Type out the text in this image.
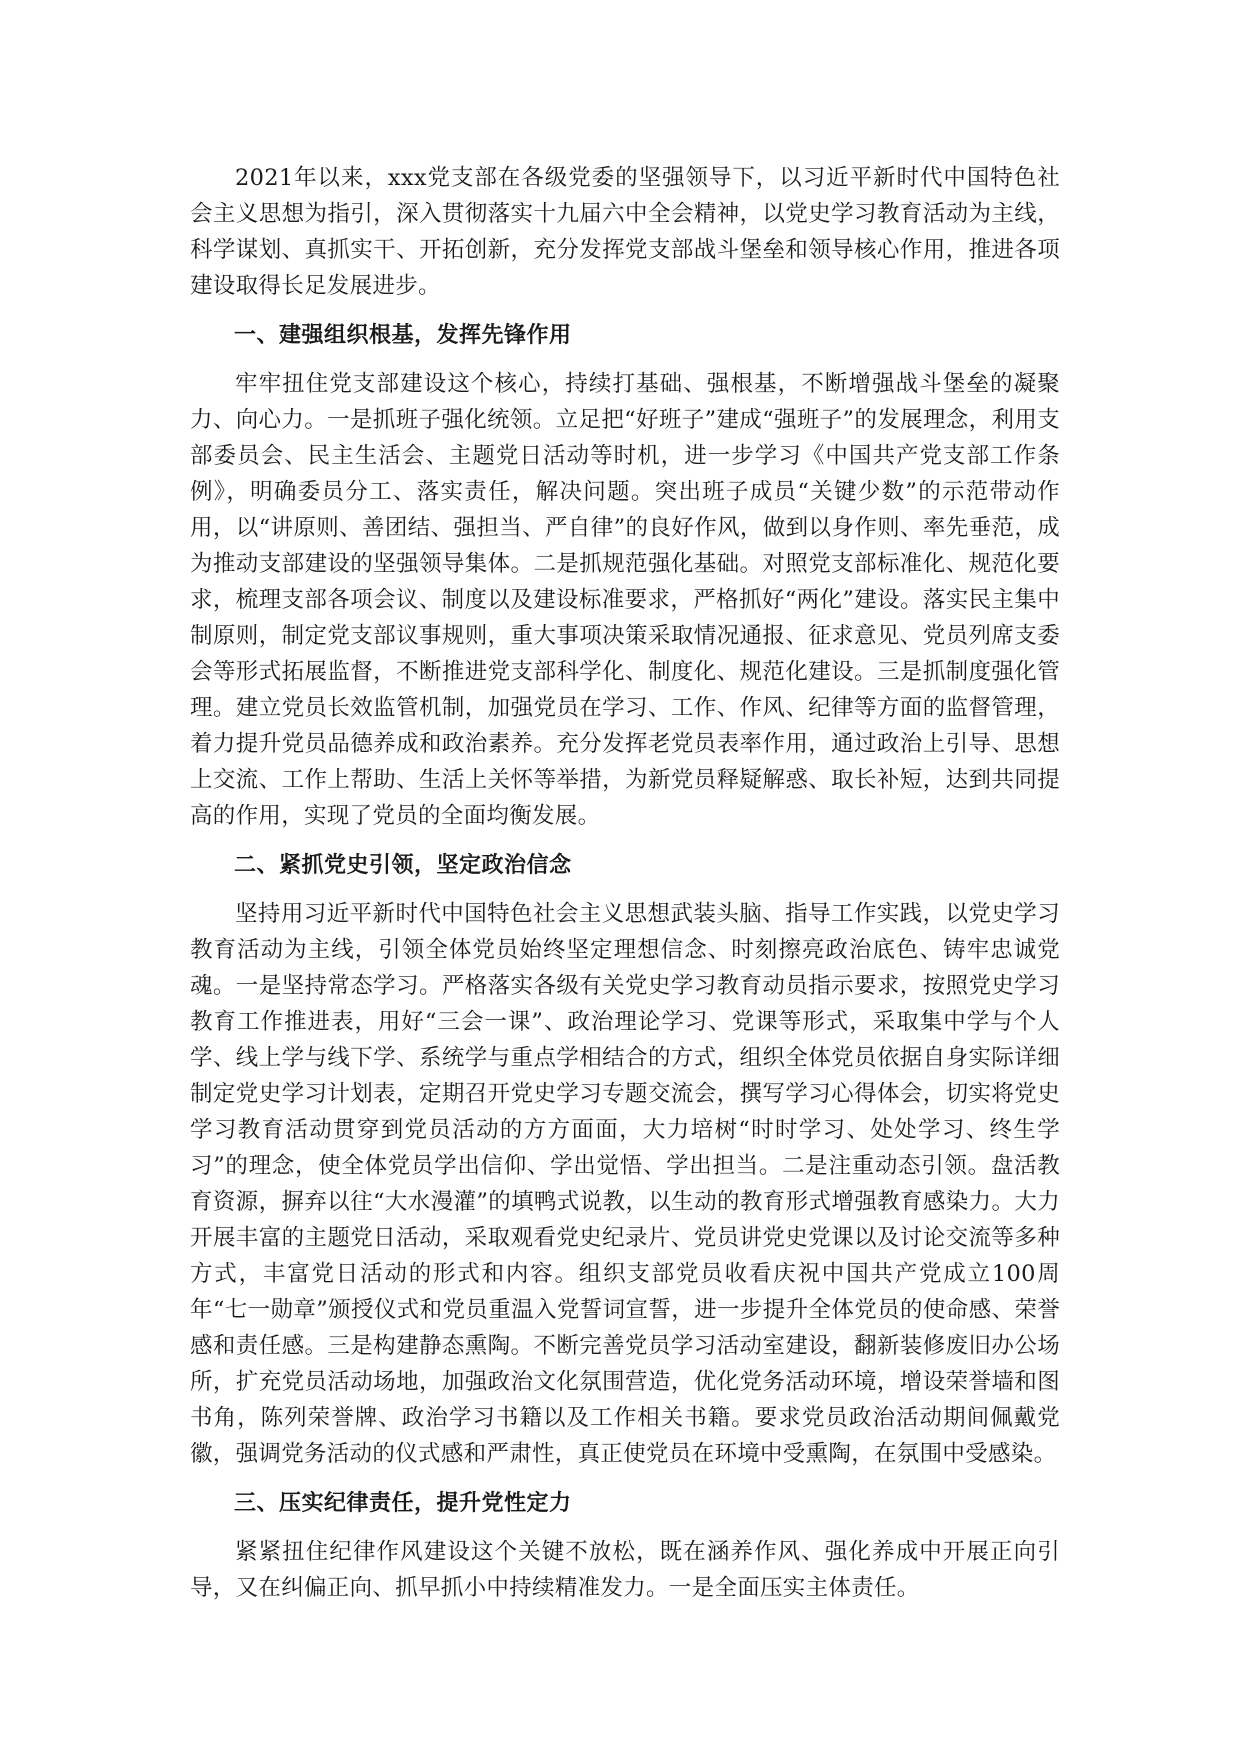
2021年以来，xxx党支部在各级党委的坚强领导下，以习近平新时代中国特色社会主义思想为指引，深入贯彻落实十九届六中全会精神，以党史学习教育活动为主线，科学谋划、真抓实干、开拓创新，充分发挥党支部战斗堡垒和领导核心作用，推进各项建设取得长足发展进步。

一、建强组织根基，发挥先锋作用

牢牢扭住党支部建设这个核心，持续打基础、强根基，不断增强战斗堡垒的凝聚力、向心力。一是抓班子强化统领。立足把“好班子”建成“强班子”的发展理念，利用支部委员会、民主生活会、主题党日活动等时机，进一步学习《中国共产党支部工作条例》，明确委员分工、落实责任，解决问题。突出班子成员“关键少数”的示范带动作用，以“讲原则、善团结、强担当、严自律”的良好作风，做到以身作则、率先垂范，成为推动支部建设的坚强领导集体。二是抓规范强化基础。对照党支部标准化、规范化要求，梳理支部各项会议、制度以及建设标准要求，严格抓好“两化”建设。落实民主集中制原则，制定党支部议事规则，重大事项决策采取情况通报、征求意见、党员列席支委会等形式拓展监督，不断推进党支部科学化、制度化、规范化建设。三是抓制度强化管理。建立党员长效监管机制，加强党员在学习、工作、作风、纪律等方面的监督管理，着力提升党员品德养成和政治素养。充分发挥老党员表率作用，通过政治上引导、思想上交流、工作上帮助、生活上关怀等举措，为新党员释疑解惑、取长补短，达到共同提高的作用，实现了党员的全面均衡发展。

二、紧抓党史引领，坚定政治信念

坚持用习近平新时代中国特色社会主义思想武装头脑、指导工作实践，以党史学习教育活动为主线，引领全体党员始终坚定理想信念、时刻擦亮政治底色、铸牢忠诚党魂。一是坚持常态学习。严格落实各级有关党史学习教育动员指示要求，按照党史学习教育工作推进表，用好“三会一课”、政治理论学习、党课等形式，采取集中学与个人学、线上学与线下学、系统学与重点学相结合的方式，组织全体党员依据自身实际详细制定党史学习计划表，定期召开党史学习专题交流会，撰写学习心得体会，切实将党史学习教育活动贯穿到党员活动的方方面面，大力培树“时时学习、处处学习、终生学习”的理念，使全体党员学出信仰、学出觉悟、学出担当。二是注重动态引领。盘活教育资源，摒弃以往“大水漫灌”的填鸭式说教，以生动的教育形式增强教育感染力。大力开展丰富的主题党日活动，采取观看党史纪录片、党员讲党史党课以及讨论交流等多种方式，丰富党日活动的形式和内容。组织支部党员收看庆祝中国共产党成立100周年“七一勋章”颁授仪式和党员重温入党誓词宣誓，进一步提升全体党员的使命感、荣誉感和责任感。三是构建静态熏陶。不断完善党员学习活动室建设，翻新装修废旧办公场所，扩充党员活动场地，加强政治文化氛围营造，优化党务活动环境，增设荣誉墙和图书角，陈列荣誉牌、政治学习书籍以及工作相关书籍。要求党员政治活动期间佩戴党徽，强调党务活动的仪式感和严肃性，真正使党员在环境中受熏陶，在氛围中受感染。

三、压实纪律责任，提升党性定力

紧紧扭住纪律作风建设这个关键不放松，既在涵养作风、强化养成中开展正向引导，又在纠偏正向、抓早抓小中持续精准发力。一是全面压实主体责任。
